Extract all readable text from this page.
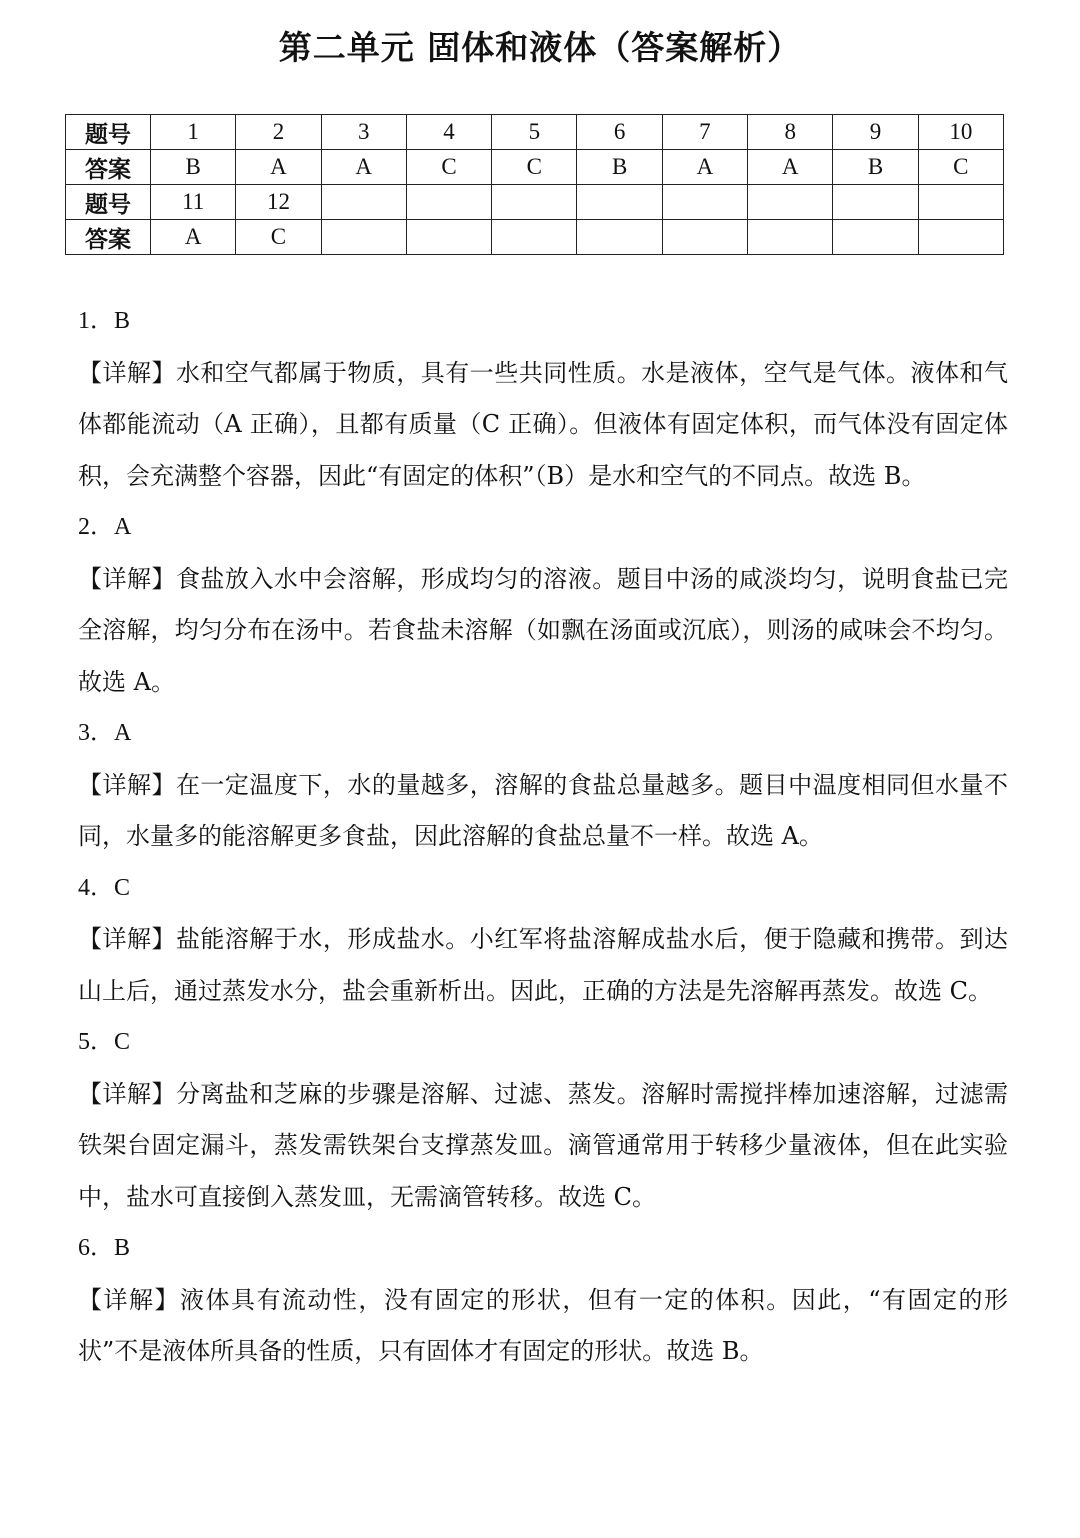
第二单元 固体和液体（答案解析）
题号	1	2	3	4	5	6	7	8	9	10
答案	B	A	A	C	C	B	A	A	B	C
题号	11	12								
答案	A	C								
1．B
【详解】水和空气都属于物质，具有一些共同性质。水是液体，空气是气体。液体和气体都能流动（A 正确），且都有质量（C 正确）。但液体有固定体积，而气体没有固定体积，会充满整个容器，因此“有固定的体积”（B）是水和空气的不同点。故选 B。
2．A
【详解】食盐放入水中会溶解，形成均匀的溶液。题目中汤的咸淡均匀，说明食盐已完全溶解，均匀分布在汤中。若食盐未溶解（如飘在汤面或沉底），则汤的咸味会不均匀。故选 A。
3．A
【详解】在一定温度下，水的量越多，溶解的食盐总量越多。题目中温度相同但水量不同，水量多的能溶解更多食盐，因此溶解的食盐总量不一样。故选 A。
4．C
【详解】盐能溶解于水，形成盐水。小红军将盐溶解成盐水后，便于隐藏和携带。到达山上后，通过蒸发水分，盐会重新析出。因此，正确的方法是先溶解再蒸发。故选 C。
5．C
【详解】分离盐和芝麻的步骤是溶解、过滤、蒸发。溶解时需搅拌棒加速溶解，过滤需铁架台固定漏斗，蒸发需铁架台支撑蒸发皿。滴管通常用于转移少量液体，但在此实验中，盐水可直接倒入蒸发皿，无需滴管转移。故选 C。
6．B
【详解】液体具有流动性，没有固定的形状，但有一定的体积。因此，“有固定的形状”不是液体所具备的性质，只有固体才有固定的形状。故选 B。
